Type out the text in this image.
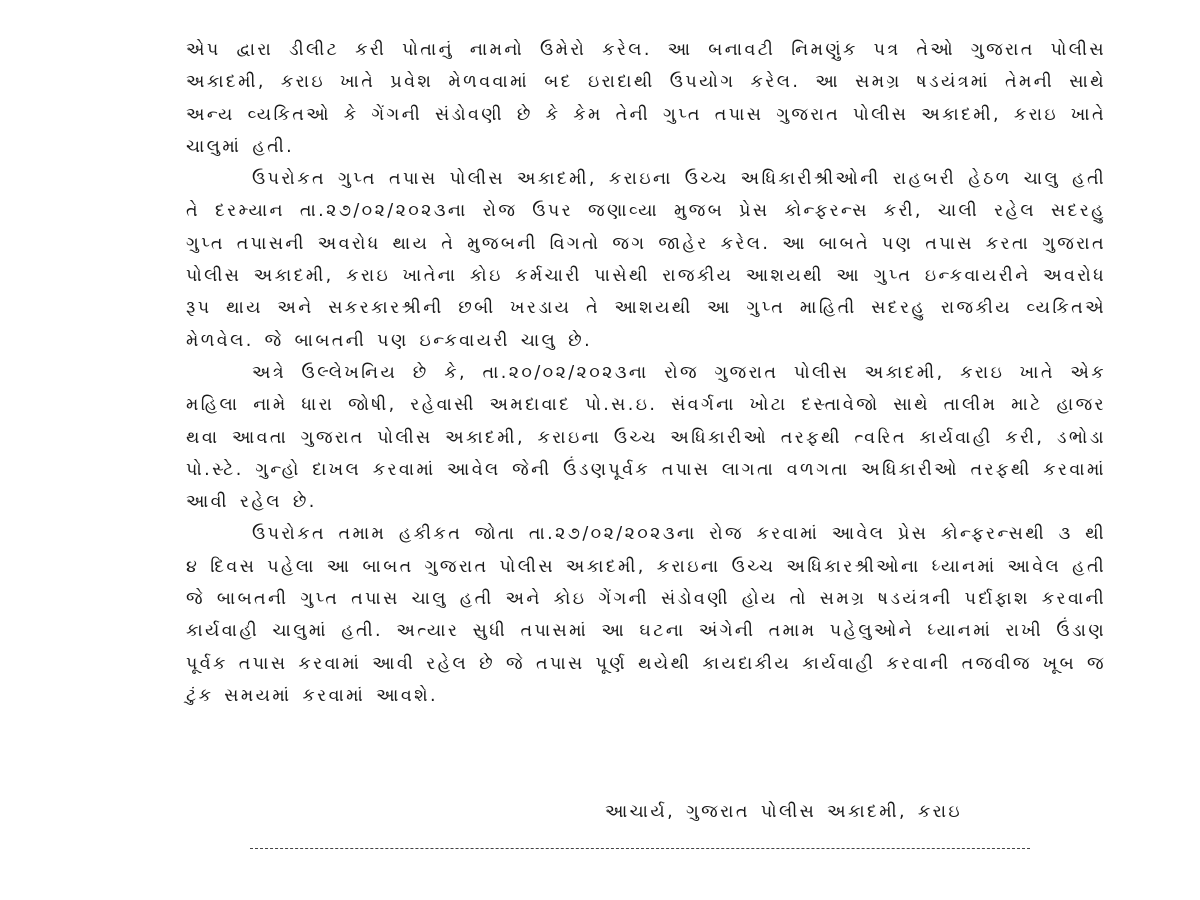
એપ દ્વારા ડીલીટ કરી પોતાનું નામનો ઉમેરો કરેલ. આ બનાવટી નિમણુંક પત્ર તેઓ ગુજરાત પોલીસ અકાદમી, કરાઇ ખાતે પ્રવેશ મેળવવામાં બદ ઇરાદાથી ઉપયોગ કરેલ. આ સમગ્ર ષડયંત્રમાં તેમની સાથે અન્ય વ્યકિતઓ કે ગેંગની સંડોવણી છે કે કેમ તેની ગુપ્ત તપાસ ગુજરાત પોલીસ અકાદમી, કરાઇ ખાતે ચાલુમાં હતી.

ઉપરોકત ગુપ્ત તપાસ પોલીસ અકાદમી, કરાઇના ઉચ્ચ અધિકારીશ્રીઓની રાહબરી હેઠળ ચાલુ હતી તે દરમ્યાન તા.૨૭/૦૨/૨૦૨૩ના રોજ ઉપર જણાવ્યા મુજબ પ્રેસ કોન્ફરન્સ કરી, ચાલી રહેલ સદરહુ ગુપ્ત તપાસની અવરોધ થાય તે મુજબની વિગતો જગ જાહેર કરેલ. આ બાબતે પણ તપાસ કરતા ગુજરાત પોલીસ અકાદમી, કરાઇ ખાતેના કોઇ કર્મચારી પાસેથી રાજકીય આશયથી આ ગુપ્ત ઇન્કવાયરીને અવરોધ રૂપ થાય અને સકરકારશ્રીની છબી ખરડાય તે આશયથી આ ગુપ્ત માહિતી સદરહુ રાજકીય વ્યકિતએ મેળવેલ. જે બાબતની પણ ઇન્કવાયરી ચાલુ છે.

અત્રે ઉલ્લેખનિય છે કે, તા.૨૦/૦૨/૨૦૨૩ના રોજ ગુજરાત પોલીસ અકાદમી, કરાઇ ખાતે એક મહિલા નામે ધારા જોષી, રહેવાસી અમદાવાદ પો.સ.ઇ. સંવર્ગના ખોટા દસ્તાવેજો સાથે તાલીમ માટે હાજર થવા આવતા ગુજરાત પોલીસ અકાદમી, કરાઇના ઉચ્ચ અધિકારીઓ તરફથી ત્વરિત કાર્યવાહી કરી, ડભોડા પો.સ્ટે. ગુન્હો દાખલ કરવામાં આવેલ જેની ઉંડણપૂર્વક તપાસ લાગતા વળગતા અધિકારીઓ તરફથી કરવામાં આવી રહેલ છે.

ઉપરોકત તમામ હકીકત જોતા તા.૨૭/૦૨/૨૦૨૩ના રોજ કરવામાં આવેલ પ્રેસ કોન્ફરન્સથી ૩ થી ૪ દિવસ પહેલા આ બાબત ગુજરાત પોલીસ અકાદમી, કરાઇના ઉચ્ચ અધિકારશ્રીઓના ધ્યાનમાં આવેલ હતી જે બાબતની ગુપ્ત તપાસ ચાલુ હતી અને કોઇ ગેંગની સંડોવણી હોય તો સમગ્ર ષડયંત્રની પર્દાફાશ કરવાની કાર્યવાહી ચાલુમાં હતી. અત્યાર સુધી તપાસમાં આ ઘટના અંગેની તમામ પહેલુઓને ધ્યાનમાં રાખી ઉંડાણ પૂર્વક તપાસ કરવામાં આવી રહેલ છે જે તપાસ પૂર્ણ થયેથી કાયદાકીય કાર્યવાહી કરવાની તજવીજ ખૂબ જ ટુંક સમયમાં કરવામાં આવશે.

આચાર્ય, ગુજરાત પોલીસ અકાદમી, કરાઇ
